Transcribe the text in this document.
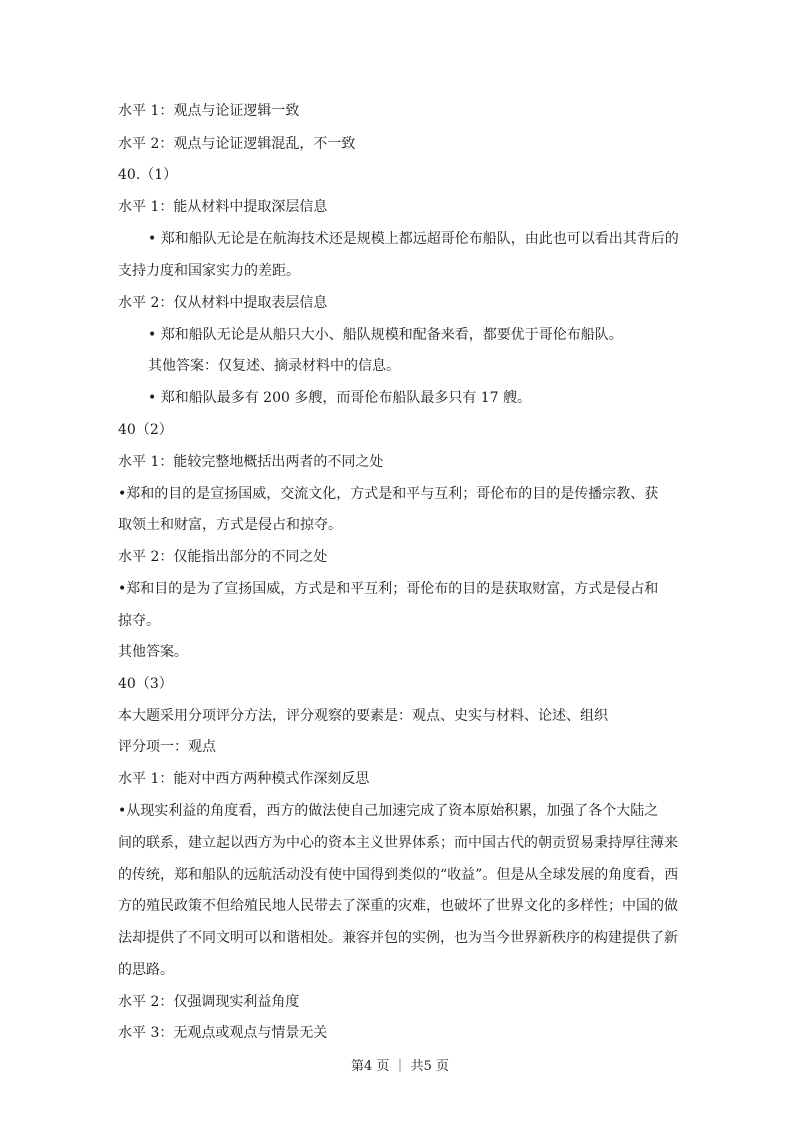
水平 1：观点与论证逻辑一致
水平 2：观点与论证逻辑混乱，不一致
40.（1）
水平 1：能从材料中提取深层信息
• 郑和船队无论是在航海技术还是规模上都远超哥伦布船队，由此也可以看出其背后的
支持力度和国家实力的差距。
水平 2：仅从材料中提取表层信息
• 郑和船队无论是从船只大小、船队规模和配备来看，都要优于哥伦布船队。
其他答案：仅复述、摘录材料中的信息。
• 郑和船队最多有 200 多艘，而哥伦布船队最多只有 17 艘。
40（2）
水平 1：能较完整地概括出两者的不同之处
•郑和的目的是宣扬国威，交流文化，方式是和平与互利；哥伦布的目的是传播宗教、获
取领土和财富，方式是侵占和掠夺。
水平 2：仅能指出部分的不同之处
•郑和目的是为了宣扬国威，方式是和平互利；哥伦布的目的是获取财富，方式是侵占和
掠夺。
其他答案。
40（3）
本大题采用分项评分方法，评分观察的要素是：观点、史实与材料、论述、组织
评分项一：观点
水平 1：能对中西方两种模式作深刻反思
•从现实利益的角度看，西方的做法使自己加速完成了资本原始积累，加强了各个大陆之
间的联系，建立起以西方为中心的资本主义世界体系；而中国古代的朝贡贸易秉持厚往薄来
的传统，郑和船队的远航活动没有使中国得到类似的“收益”。但是从全球发展的角度看，西
方的殖民政策不但给殖民地人民带去了深重的灾难，也破坏了世界文化的多样性；中国的做
法却提供了不同文明可以和谐相处。兼容并包的实例，也为当今世界新秩序的构建提供了新
的思路。
水平 2：仅强调现实利益角度
水平 3：无观点或观点与情景无关
第4 页 ｜ 共5 页
